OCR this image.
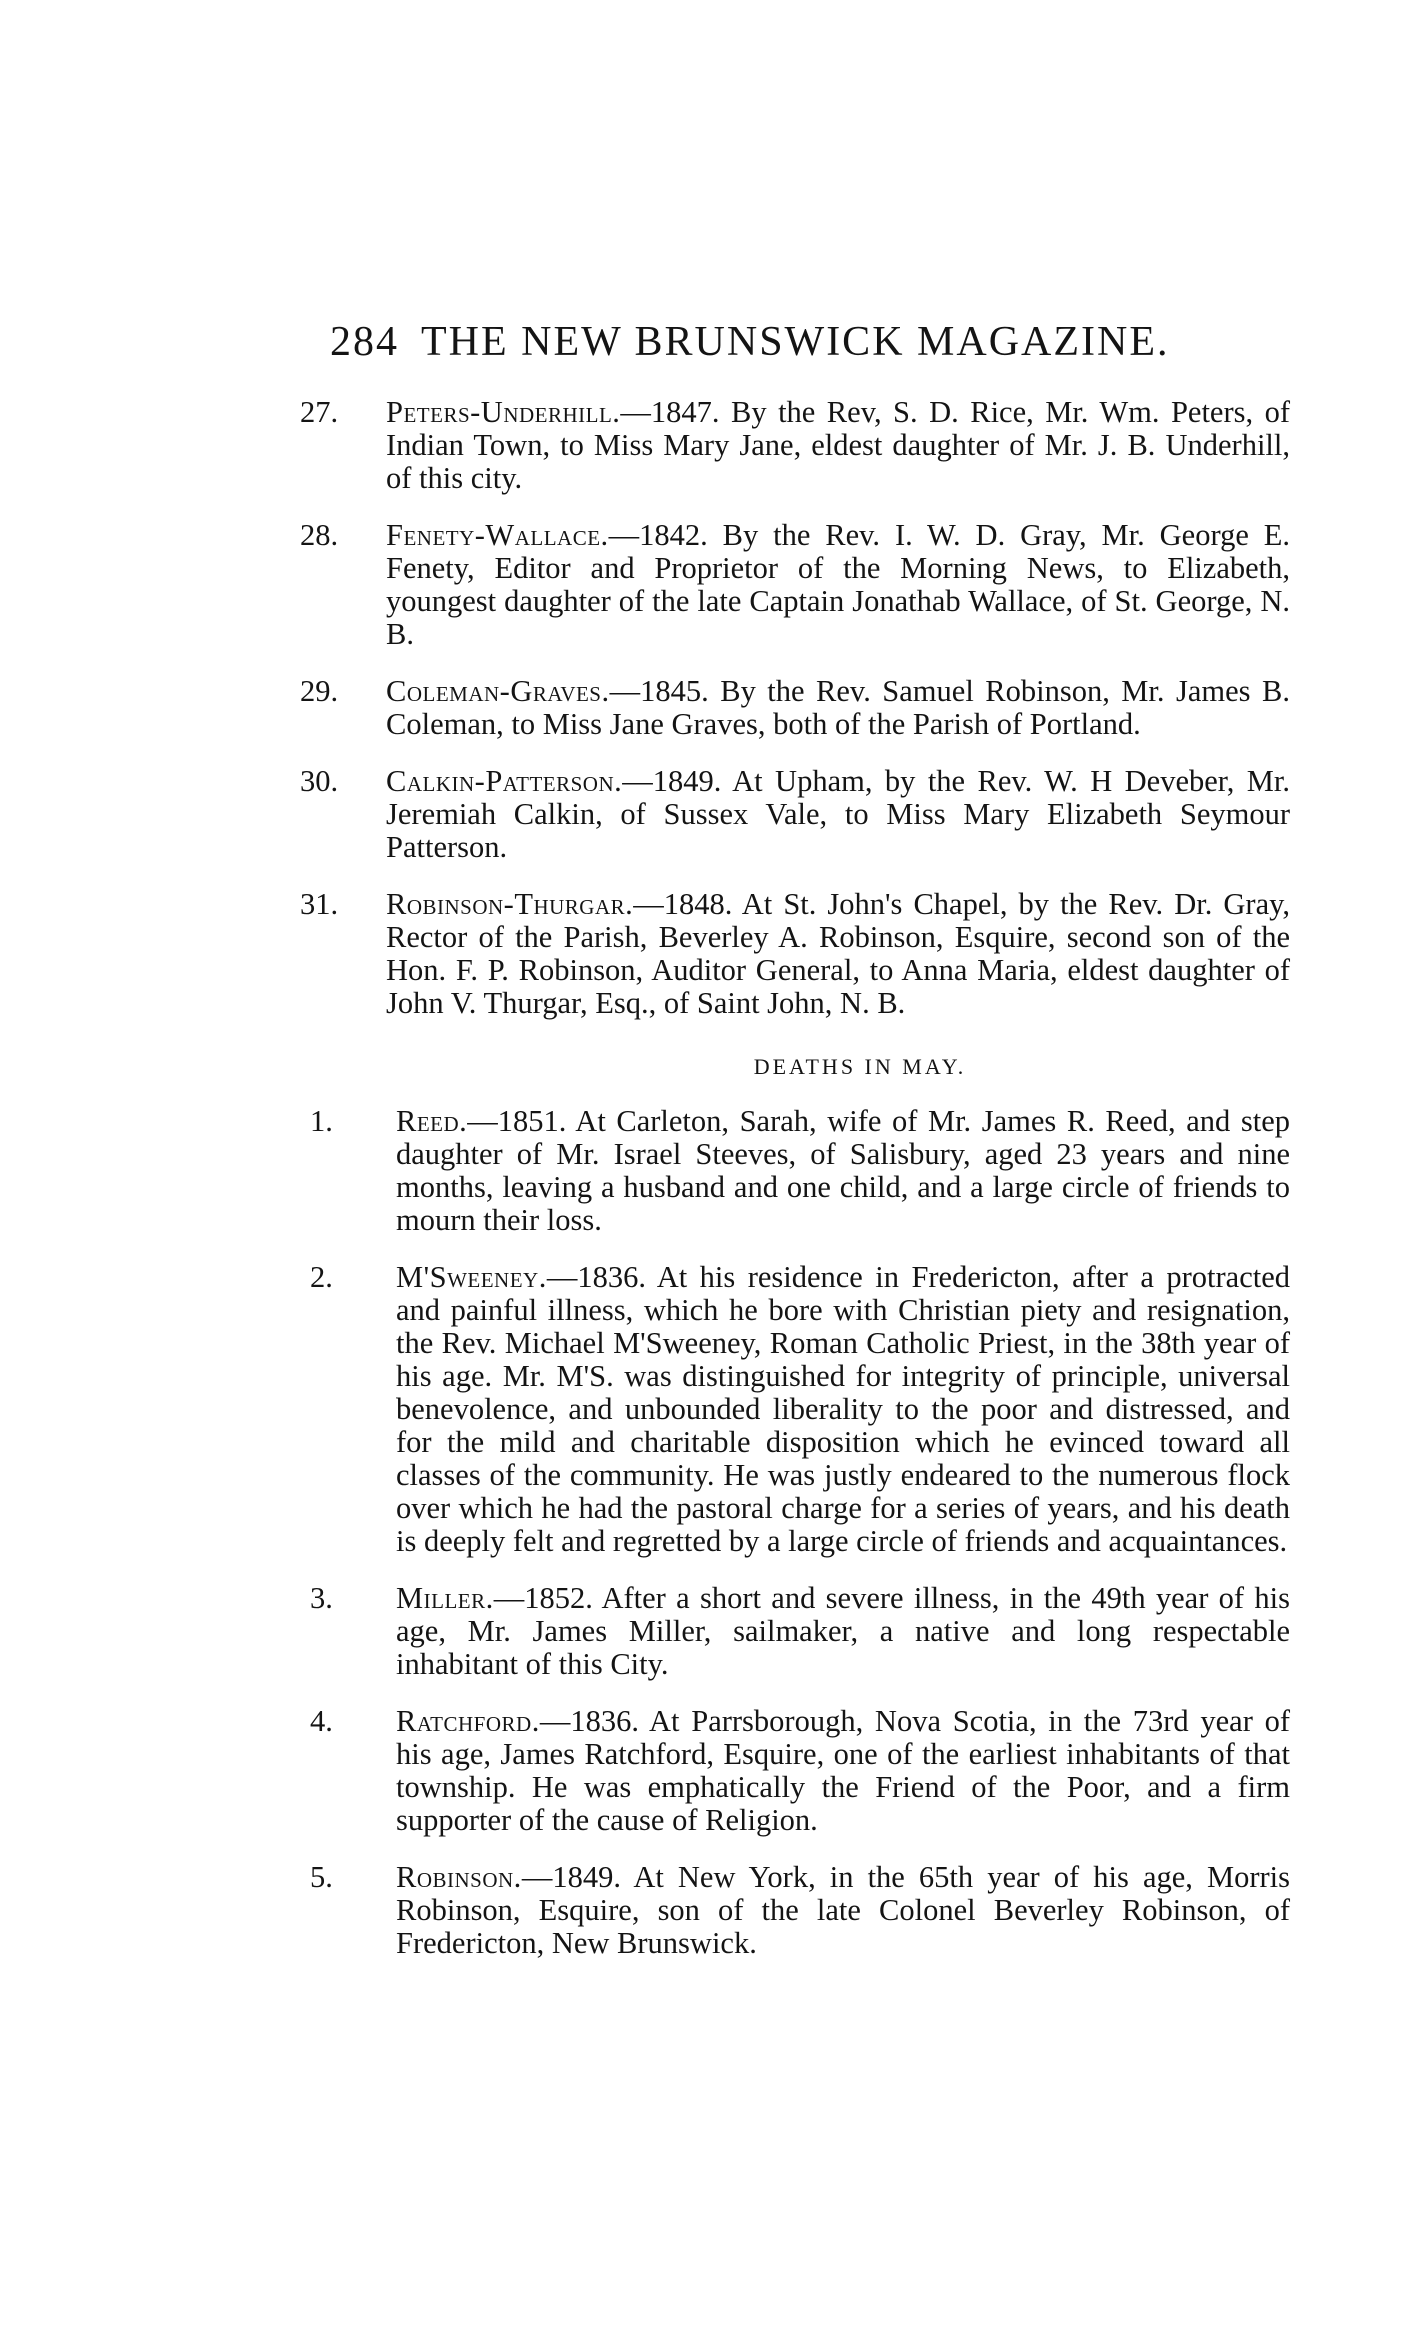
284 THE NEW BRUNSWICK MAGAZINE.
27.	Peters-Underhill.—1847. By the Rev, S. D. Rice, Mr. Wm. Peters, of Indian Town, to Miss Mary Jane, eldest daughter of Mr. J. B. Underhill, of this city.
28.	Fenety-Wallace.—1842. By the Rev. I. W. D. Gray, Mr. George E. Fenety, Editor and Proprietor of the Morning News, to Elizabeth, youngest daughter of the late Captain Jonathab Wallace, of St. George, N. B.
29.	Coleman-Graves.—1845. By the Rev. Samuel Robinson, Mr. James B. Coleman, to Miss Jane Graves, both of the Parish of Portland.
30.	Calkin-Patterson.—1849. At Upham, by the Rev. W. H Deveber, Mr. Jeremiah Calkin, of Sussex Vale, to Miss Mary Elizabeth Seymour Patterson.
31.	Robinson-Thurgar.—1848. At St. John's Chapel, by the Rev. Dr. Gray, Rector of the Parish, Beverley A. Robinson, Esquire, second son of the Hon. F. P. Robinson, Auditor General, to Anna Maria, eldest daughter of John V. Thurgar, Esq., of Saint John, N. B.
DEATHS IN MAY.
1.	Reed.—1851. At Carleton, Sarah, wife of Mr. James R. Reed, and step daughter of Mr. Israel Steeves, of Salisbury, aged 23 years and nine months, leaving a husband and one child, and a large circle of friends to mourn their loss.
2.	M'Sweeney.—1836. At his residence in Fredericton, after a protracted and painful illness, which he bore with Christian piety and resignation, the Rev. Michael M'Sweeney, Roman Catholic Priest, in the 38th year of his age. Mr. M'S. was distinguished for integrity of principle, universal benevolence, and unbounded liberality to the poor and distressed, and for the mild and charitable disposition which he evinced toward all classes of the community. He was justly endeared to the numerous flock over which he had the pastoral charge for a series of years, and his death is deeply felt and regretted by a large circle of friends and acquaintances.
3.	Miller.—1852. After a short and severe illness, in the 49th year of his age, Mr. James Miller, sailmaker, a native and long respectable inhabitant of this City.
4.	Ratchford.—1836. At Parrsborough, Nova Scotia, in the 73rd year of his age, James Ratchford, Esquire, one of the earliest inhabitants of that township. He was emphatically the Friend of the Poor, and a firm supporter of the cause of Religion.
5.	Robinson.—1849. At New York, in the 65th year of his age, Morris Robinson, Esquire, son of the late Colonel Beverley Robinson, of Fredericton, New Brunswick.
